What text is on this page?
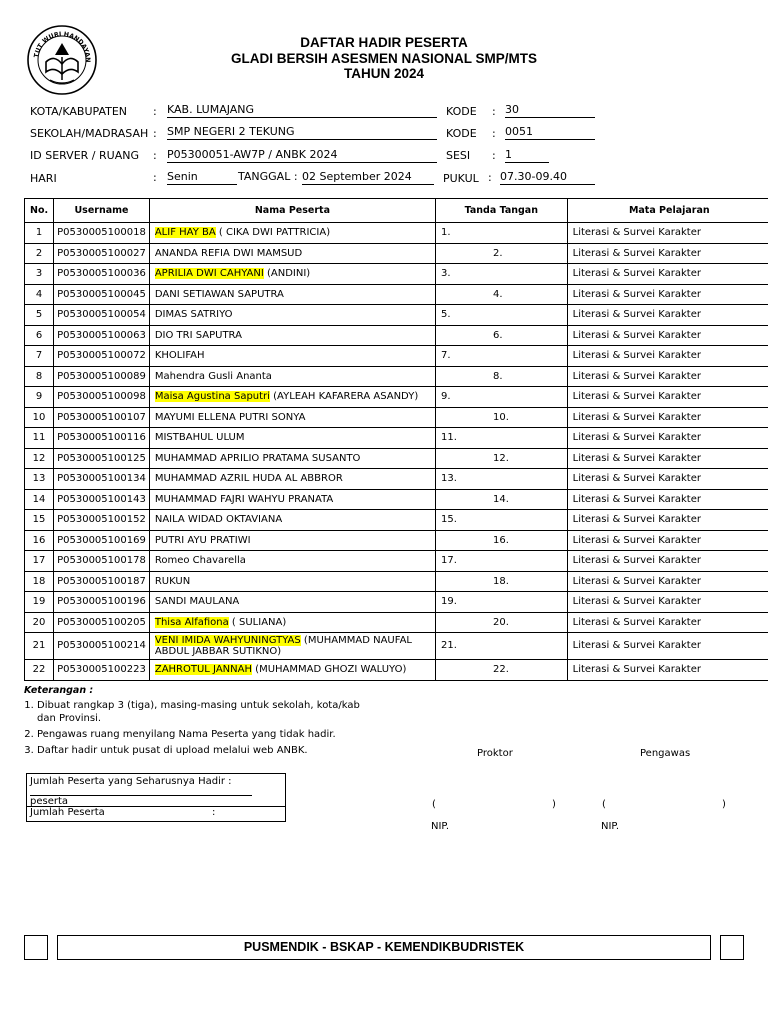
TUT WURI HANDAYAN
DAFTAR HADIR PESERTA
GLADI BERSIH ASESMEN NASIONAL SMP/MTS
TAHUN 2024
KOTA/KABUPATEN : KAB. LUMAJANG	KODE : 30
SEKOLAH/MADRASAH : SMP NEGERI 2 TEKUNG	KODE : 0051
ID SERVER / RUANG : P05300051-AW7P / ANBK 2024	SESI : 1
HARI	: Senin	TANGGAL : 02 September 2024	PUKUL : 07.30-09.40
No.	Username	Nama Peserta	Tanda Tangan	Mata Pelajaran
1	P0530005100018	ALIF HAY BA ( CIKA DWI PATTRICIA)	1.	Literasi & Survei Karakter
2	P0530005100027	ANANDA REFIA DWI MAMSUD	2.	Literasi & Survei Karakter
3	P0530005100036	APRILIA DWI CAHYANI (ANDINI)	3.	Literasi & Survei Karakter
4	P0530005100045	DANI SETIAWAN SAPUTRA	4.	Literasi & Survei Karakter
5	P0530005100054	DIMAS SATRIYO	5.	Literasi & Survei Karakter
6	P0530005100063	DIO TRI SAPUTRA	6.	Literasi & Survei Karakter
7	P0530005100072	KHOLIFAH	7.	Literasi & Survei Karakter
8	P0530005100089	Mahendra Gusli Ananta	8.	Literasi & Survei Karakter
9	P0530005100098	Maisa Agustina Saputri (AYLEAH KAFARERA ASANDY)	9.	Literasi & Survei Karakter
10	P0530005100107	MAYUMI ELLENA PUTRI SONYA	10.	Literasi & Survei Karakter
11	P0530005100116	MISTBAHUL ULUM	11.	Literasi & Survei Karakter
12	P0530005100125	MUHAMMAD APRILIO PRATAMA SUSANTO	12.	Literasi & Survei Karakter
13	P0530005100134	MUHAMMAD AZRIL HUDA AL ABBROR	13.	Literasi & Survei Karakter
14	P0530005100143	MUHAMMAD FAJRI WAHYU PRANATA	14.	Literasi & Survei Karakter
15	P0530005100152	NAILA WIDAD OKTAVIANA	15.	Literasi & Survei Karakter
16	P0530005100169	PUTRI AYU PRATIWI	16.	Literasi & Survei Karakter
17	P0530005100178	Romeo Chavarella	17.	Literasi & Survei Karakter
18	P0530005100187	RUKUN	18.	Literasi & Survei Karakter
19	P0530005100196	SANDI MAULANA	19.	Literasi & Survei Karakter
20	P0530005100205	Thisa Alfafiona ( SULIANA)	20.	Literasi & Survei Karakter
21	P0530005100214	VENI IMIDA WAHYUNINGTYAS (MUHAMMAD NAUFAL ABDUL JABBAR SUTIKNO)	21.	Literasi & Survei Karakter
22	P0530005100223	ZAHROTUL JANNAH (MUHAMMAD GHOZI WALUYO)	22.	Literasi & Survei Karakter
Keterangan :
1. Dibuat rangkap 3 (tiga), masing-masing untuk sekolah, kota/kab dan Provinsi.
2. Pengawas ruang menyilang Nama Peserta yang tidak hadir.
3. Daftar hadir untuk pusat di upload melalui web ANBK.
Jumlah Peserta yang Seharusnya Hadir :
peserta
Jumlah Peserta	:
Proktor	Pengawas
(	)	(	)
NIP.	NIP.
PUSMENDIK - BSKAP - KEMENDIKBUDRISTEK
